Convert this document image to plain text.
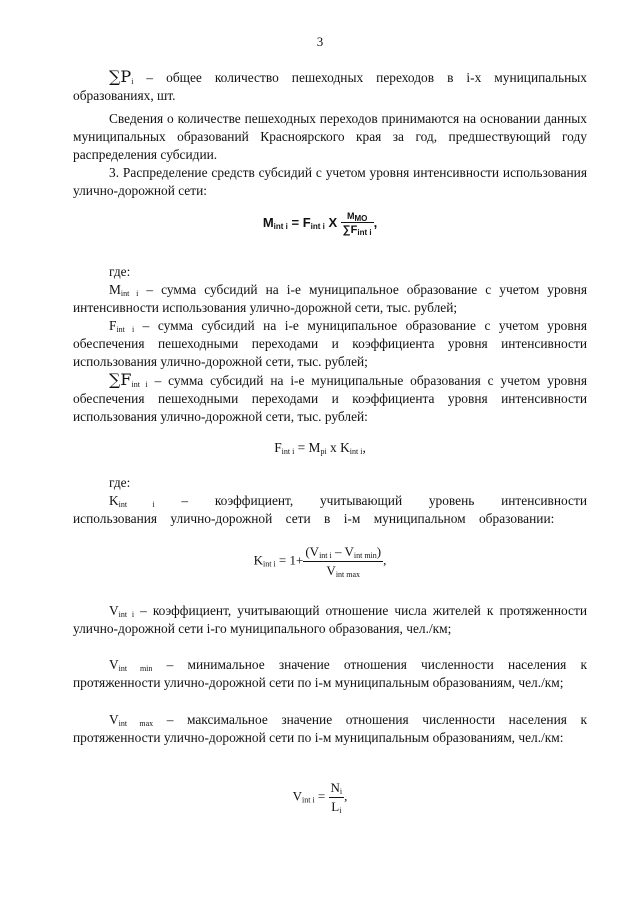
3
$\sum P_i$ – общее количество пешеходных переходов в i-х муниципальных образованиях, шт.
Сведения о количестве пешеходных переходов принимаются на основании данных муниципальных образований Красноярского края за год, предшествующий году распределения субсидии.
3. Распределение средств субсидий с учетом уровня интенсивности использования улично-дорожной сети:
$M_{int i} = F_{int i}$ X $\frac{M_{МО}}{\sum F_{int i}}$ ,
где:
$M_{int i}$ – сумма субсидий на i-е муниципальное образование с учетом уровня интенсивности использования улично-дорожной сети, тыс. рублей;
$F_{int i}$ – сумма субсидий на i-е муниципальное образование с учетом уровня обеспечения пешеходными переходами и коэффициента уровня интенсивности использования улично-дорожной сети, тыс. рублей;
$\sum F_{int i}$ – сумма субсидий на i-е муниципальные образования с учетом уровня обеспечения пешеходными переходами и коэффициента уровня интенсивности использования улично-дорожной сети, тыс. рублей:
$F_{int i} = M_{pi}$ x $K_{int i}$,
где:
$K_{int i}$ – коэффициент, учитывающий уровень интенсивности использования улично-дорожной сети в i-м муниципальном образовании:
$K_{int i} = 1+ \frac{(V_{int i} - V_{int min})}{V_{int max}}$ ,
$V_{int i}$ – коэффициент, учитывающий отношение числа жителей к протяженности улично-дорожной сети i-го муниципального образования, чел./км;
$V_{int min}$ – минимальное значение отношения численности населения к протяженности улично-дорожной сети по i-м муниципальным образованиям, чел./км;
$V_{int max}$ – максимальное значение отношения численности населения к протяженности улично-дорожной сети по i-м муниципальным образованиям, чел./км:
$V_{int i} = \frac{N_i}{L_i}$ ,
